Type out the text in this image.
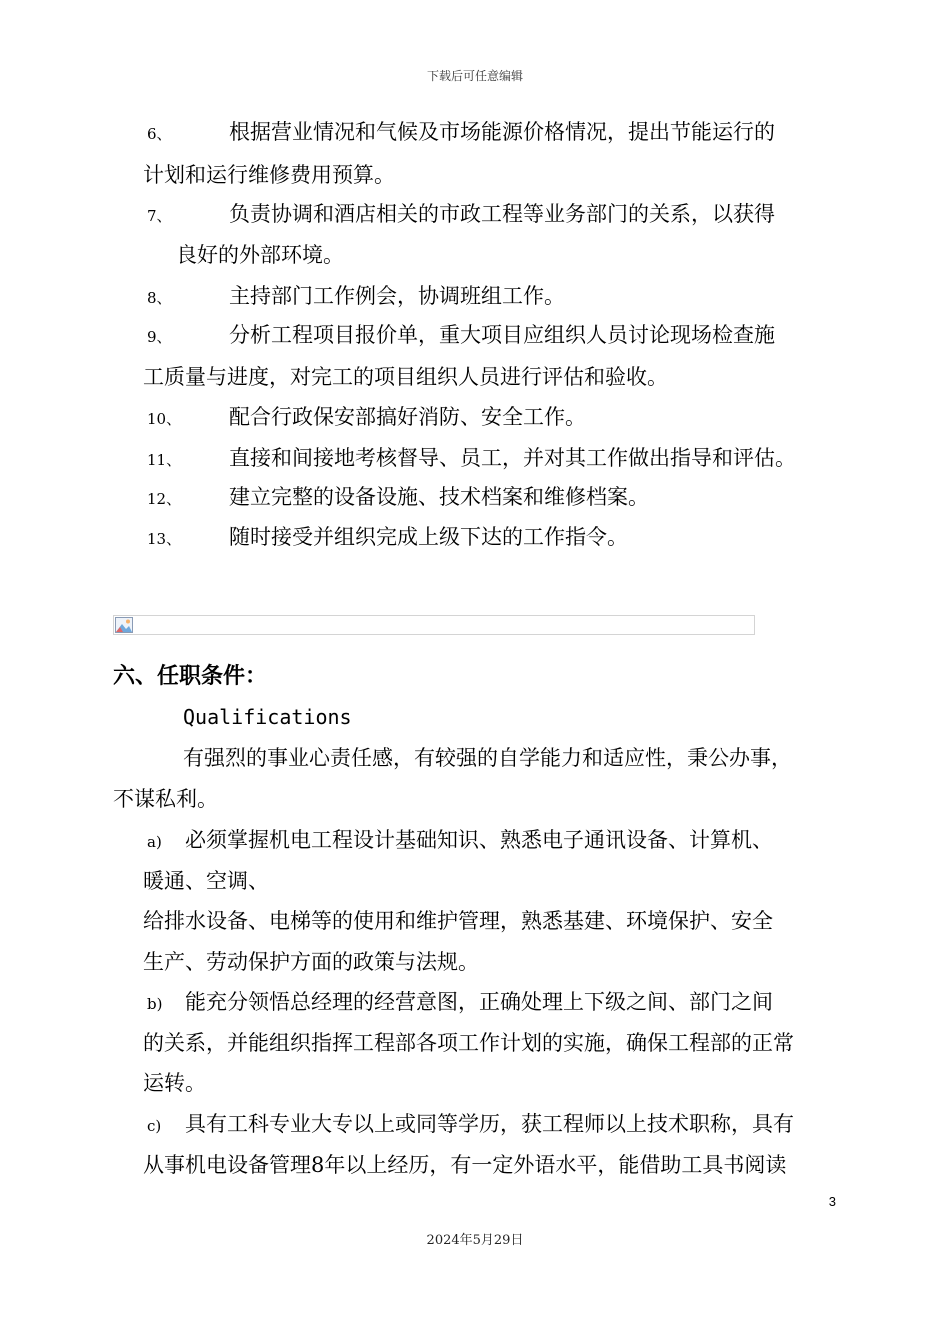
下载后可任意编辑
6、	根据营业情况和气候及市场能源价格情况，提出节能运行的
计划和运行维修费用预算。
7、	负责协调和酒店相关的市政工程等业务部门的关系，以获得
良好的外部环境。
8、	主持部门工作例会，协调班组工作。
9、	分析工程项目报价单，重大项目应组织人员讨论现场检查施
工质量与进度，对完工的项目组织人员进行评估和验收。
10、 配合行政保安部搞好消防、安全工作。
11、 直接和间接地考核督导、员工，并对其工作做出指导和评估。
12、 建立完整的设备设施、技术档案和维修档案。
13、 随时接受并组织完成上级下达的工作指令。
六、任职条件：
Qualifications
有强烈的事业心责任感，有较强的自学能力和适应性，秉公办事，
不谋私利。
a) 必须掌握机电工程设计基础知识、熟悉电子通讯设备、计算机、
暖通、空调、
给排水设备、电梯等的使用和维护管理，熟悉基建、环境保护、安全
生产、劳动保护方面的政策与法规。
b) 能充分领悟总经理的经营意图，正确处理上下级之间、部门之间
的关系，并能组织指挥工程部各项工作计划的实施，确保工程部的正常
运转。
c) 具有工科专业大专以上或同等学历，获工程师以上技术职称，具有
从事机电设备管理8年以上经历，有一定外语水平，能借助工具书阅读
3
2024年5月29日
